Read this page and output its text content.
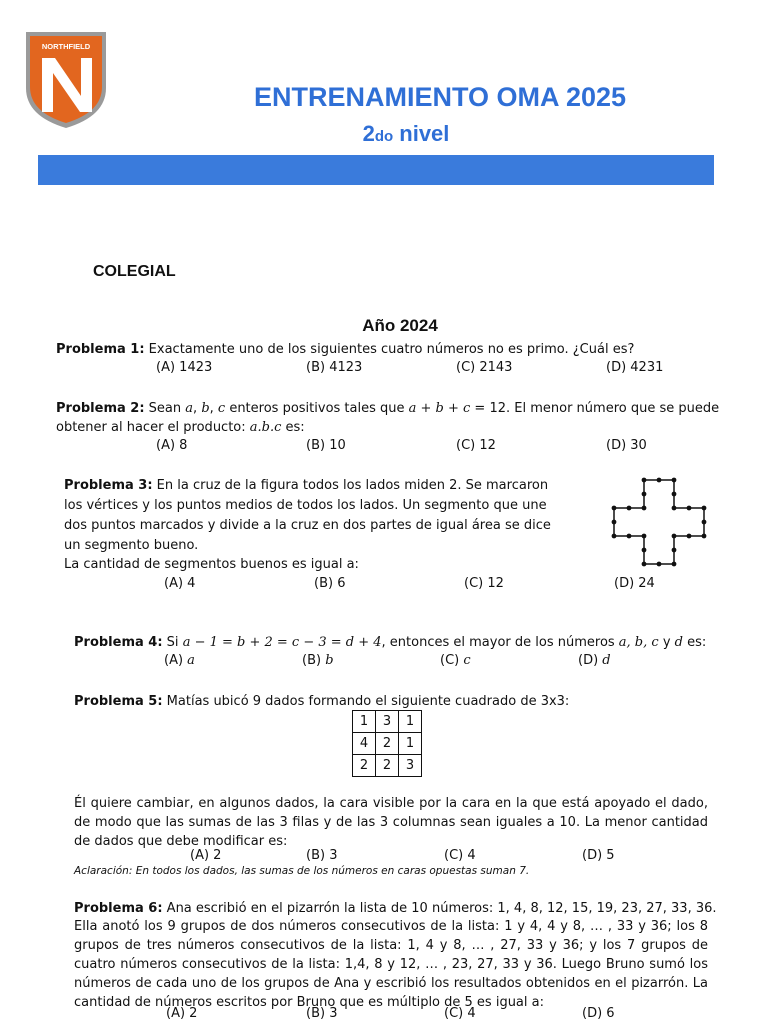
NORTHFIELD
ENTRENAMIENTO OMA 2025
2do nivel
COLEGIAL
Año 2024
Problema 1: Exactamente uno de los siguientes cuatro números no es primo. ¿Cuál es?
(A) 1423	(B) 4123	(C) 2143	(D) 4231
Problema 2: Sean a, b, c enteros positivos tales que a + b + c = 12. El menor número que se puede
obtener al hacer el producto: a.b.c es:
(A) 8	(B) 10	(C) 12	(D) 30
Problema 3: En la cruz de la figura todos los lados miden 2. Se marcaron
los vértices y los puntos medios de todos los lados. Un segmento que une
dos puntos marcados y divide a la cruz en dos partes de igual área se dice
un segmento bueno.
La cantidad de segmentos buenos es igual a:
(A) 4	(B) 6	(C) 12	(D) 24
Problema 4: Si a − 1 = b + 2 = c − 3 = d + 4, entonces el mayor de los números a, b, c y d es:
(A) a	(B) b	(C) c	(D) d
Problema 5: Matías ubicó 9 dados formando el siguiente cuadrado de 3x3:
1	3	1
4	2	1
2	2	3
Él quiere cambiar, en algunos dados, la cara visible por la cara en la que está apoyado el dado, de modo que las sumas de las 3 filas y de las 3 columnas sean iguales a 10. La menor cantidad de dados que debe modificar es:
(A) 2	(B) 3	(C) 4	(D) 5
Aclaración: En todos los dados, las sumas de los números en caras opuestas suman 7.
Problema 6: Ana escribió en el pizarrón la lista de 10 números: 1, 4, 8, 12, 15, 19, 23, 27, 33, 36.
Ella anotó los 9 grupos de dos números consecutivos de la lista: 1 y 4, 4 y 8, … , 33 y 36; los 8 grupos de tres números consecutivos de la lista: 1, 4 y 8, … , 27, 33 y 36; y los 7 grupos de cuatro números consecutivos de la lista: 1,4, 8 y 12, … , 23, 27, 33 y 36. Luego Bruno sumó los números de cada uno de los grupos de Ana y escribió los resultados obtenidos en el pizarrón. La cantidad de números escritos por Bruno que es múltiplo de 5 es igual a:
(A) 2	(B) 3	(C) 4	(D) 6
